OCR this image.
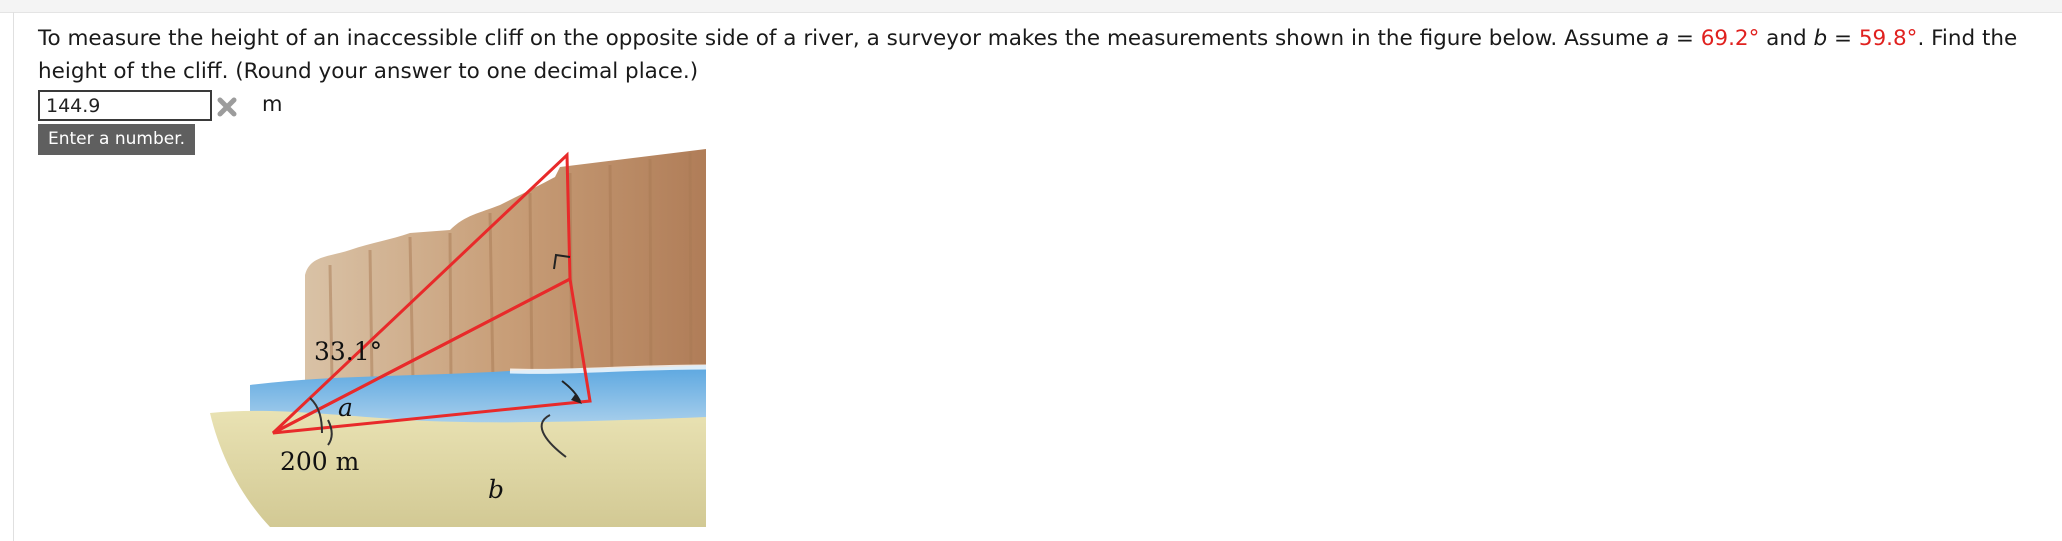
To measure the height of an inaccessible cliff on the opposite side of a river, a surveyor makes the measurements shown in the figure below. Assume a = 69.2° and b = 59.8°. Find the
height of the cliff. (Round your answer to one decimal place.)
144.9
m
Enter a number.
33.1°
a
200 m
b
